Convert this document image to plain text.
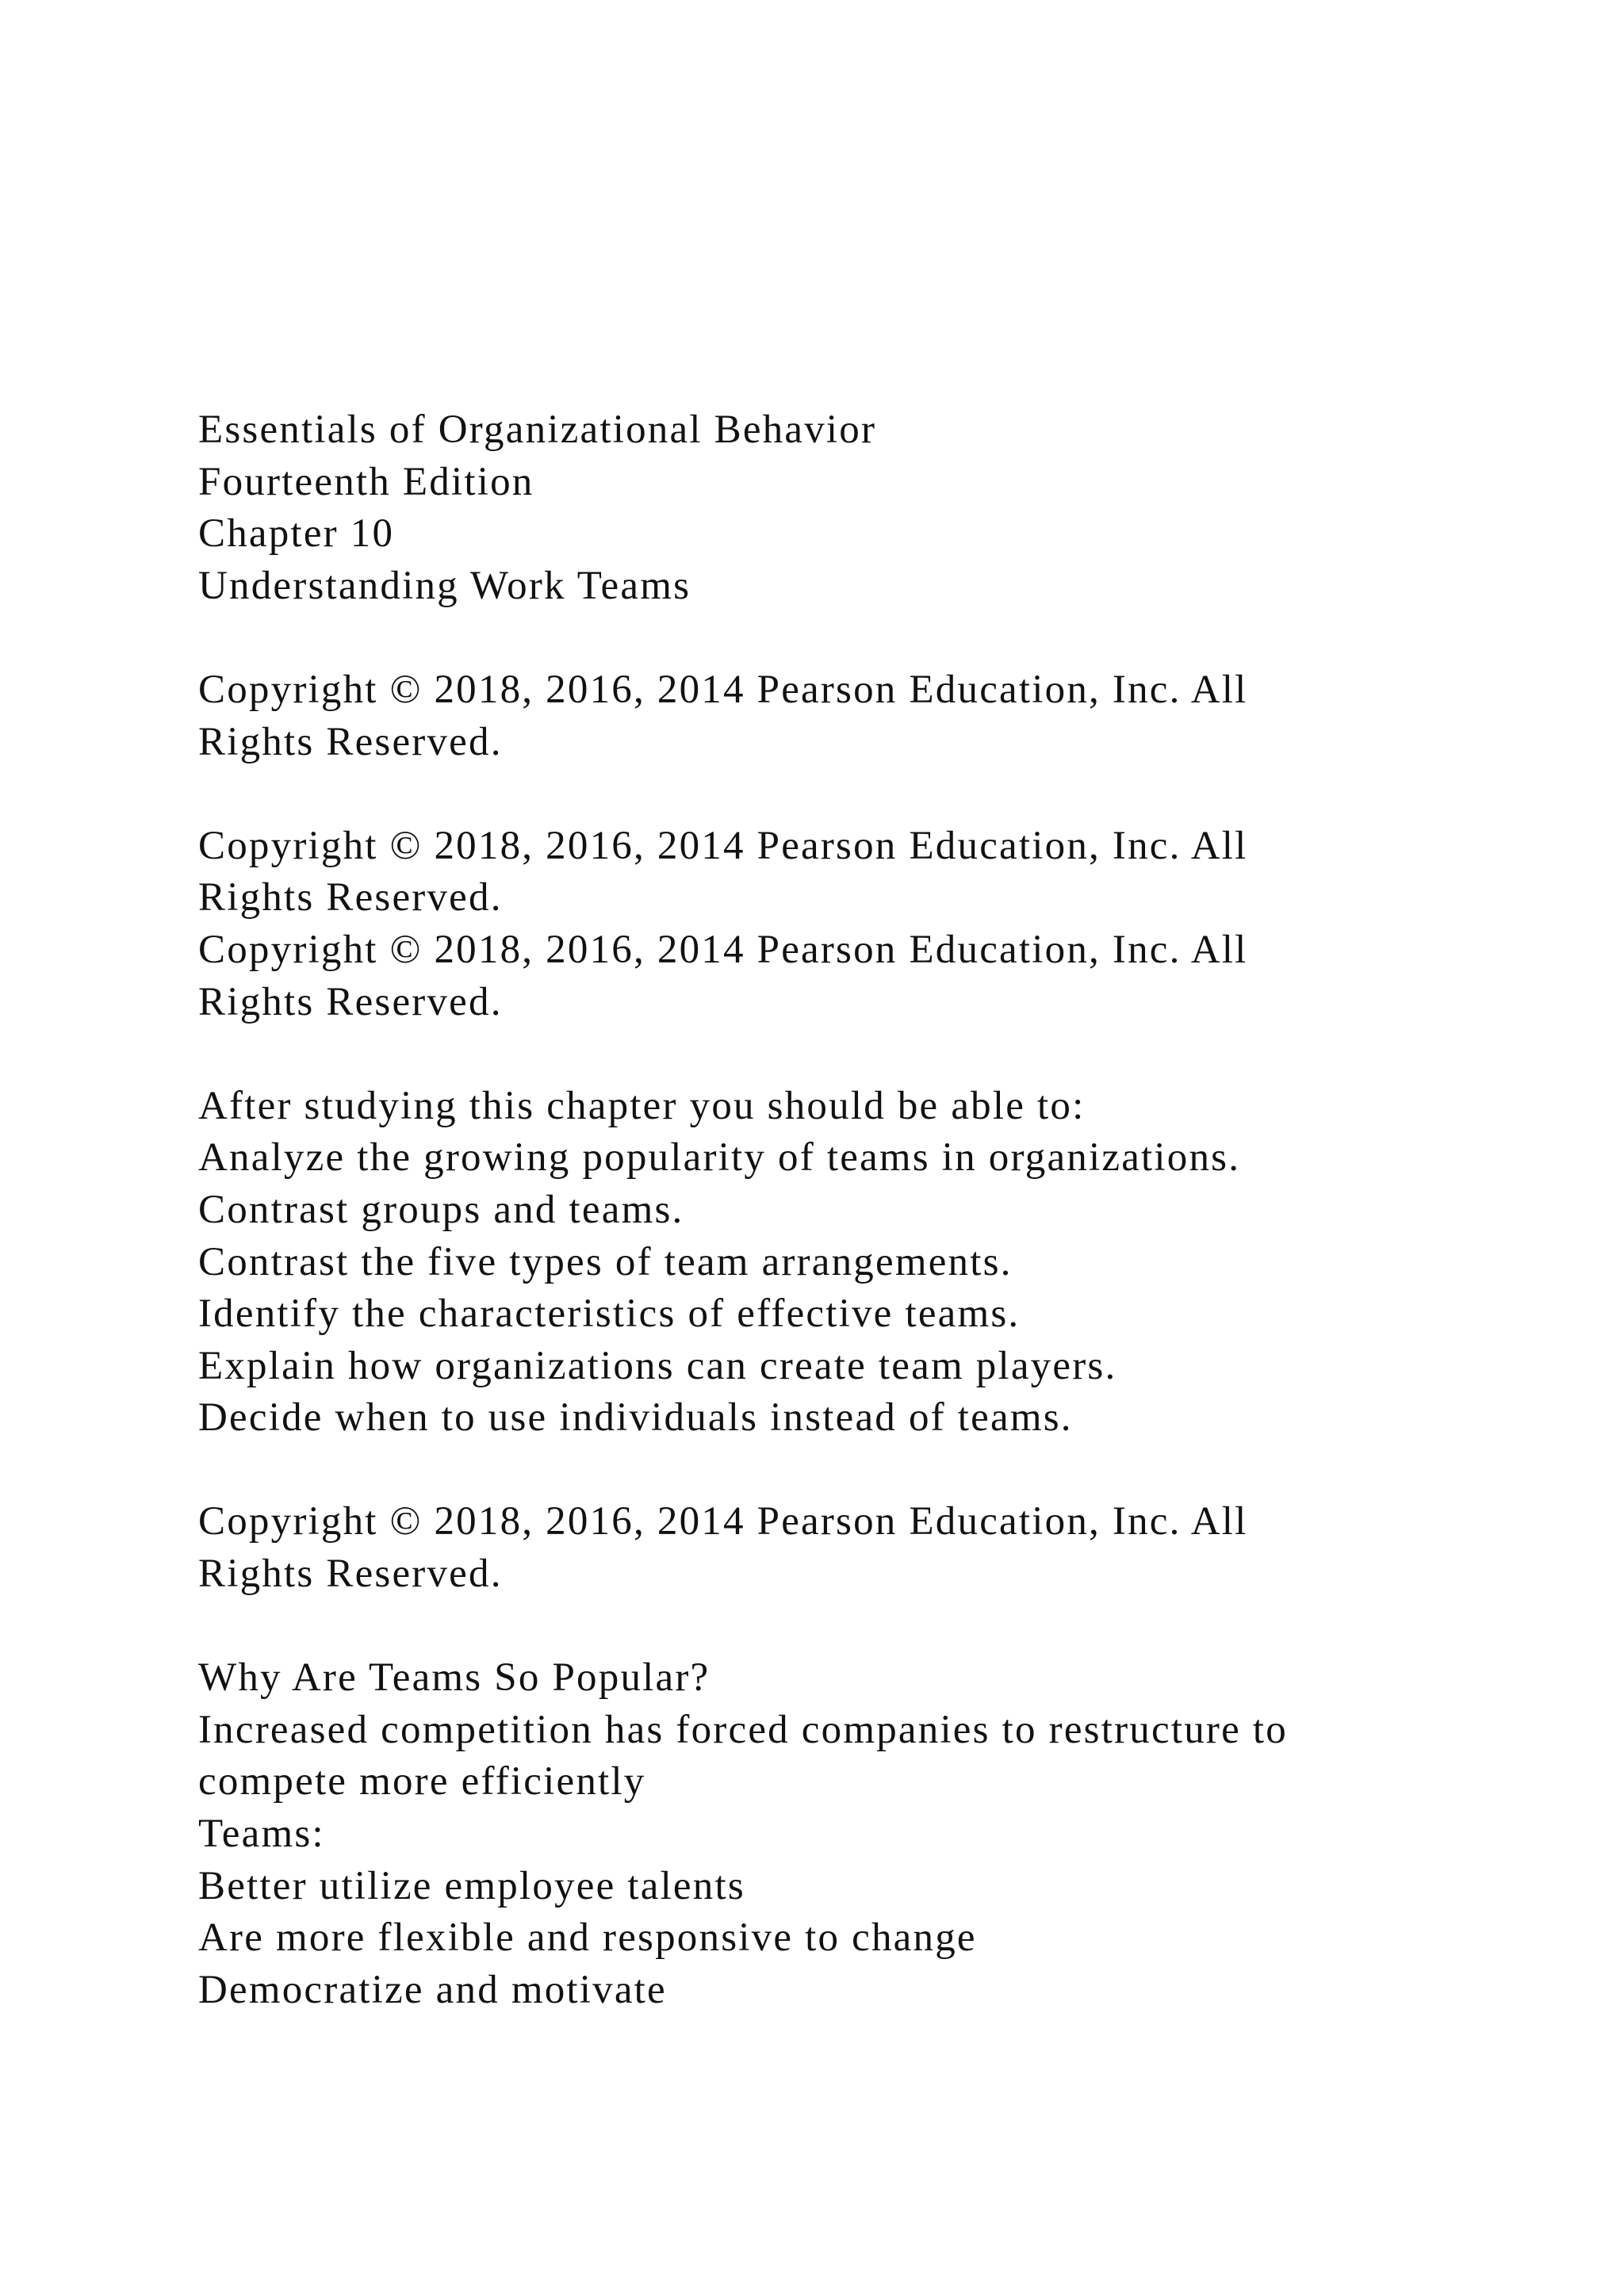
Essentials of Organizational Behavior
Fourteenth Edition
Chapter 10
Understanding Work Teams
Copyright © 2018, 2016, 2014 Pearson Education, Inc. All
Rights Reserved.
Copyright © 2018, 2016, 2014 Pearson Education, Inc. All
Rights Reserved.
Copyright © 2018, 2016, 2014 Pearson Education, Inc. All
Rights Reserved.
After studying this chapter you should be able to:
Analyze the growing popularity of teams in organizations.
Contrast groups and teams.
Contrast the five types of team arrangements.
Identify the characteristics of effective teams.
Explain how organizations can create team players.
Decide when to use individuals instead of teams.
Copyright © 2018, 2016, 2014 Pearson Education, Inc. All
Rights Reserved.
Why Are Teams So Popular?
Increased competition has forced companies to restructure to
compete more efficiently
Teams:
Better utilize employee talents
Are more flexible and responsive to change
Democratize and motivate
